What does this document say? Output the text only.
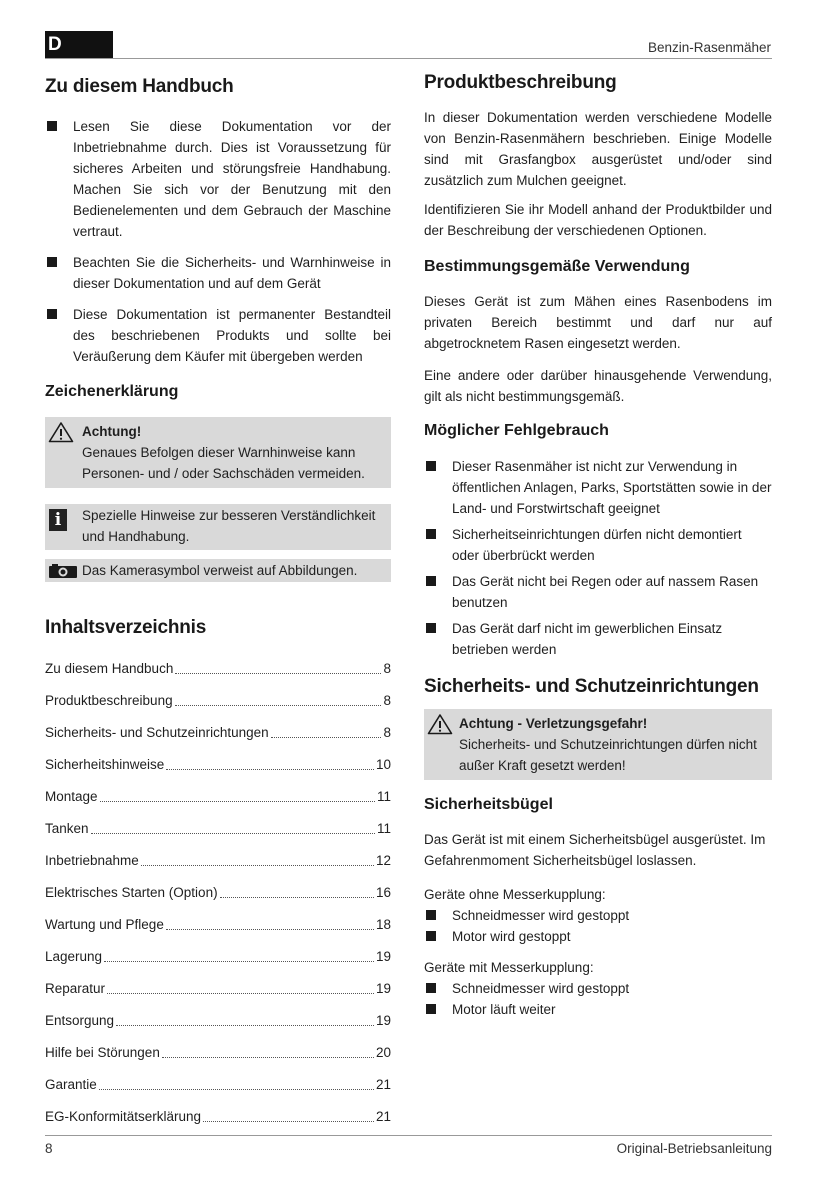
D	Benzin-Rasenmäher
Zu diesem Handbuch
Lesen Sie diese Dokumentation vor der Inbetriebnahme durch. Dies ist Voraussetzung für sicheres Arbeiten und störungsfreie Handhabung. Machen Sie sich vor der Benutzung mit den Bedienelementen und dem Gebrauch der Maschine vertraut.
Beachten Sie die Sicherheits- und Warnhinweise in dieser Dokumentation und auf dem Gerät
Diese Dokumentation ist permanenter Bestandteil des beschriebenen Produkts und sollte bei Veräußerung dem Käufer mit übergeben werden
Zeichenerklärung
Achtung!
Genaues Befolgen dieser Warnhinweise kann Personen- und / oder Sachschäden vermeiden.
i	Spezielle Hinweise zur besseren Verständlichkeit und Handhabung.
Das Kamerasymbol verweist auf Abbildungen.
Inhaltsverzeichnis
Zu diesem Handbuch	8
Produktbeschreibung	8
Sicherheits- und Schutzeinrichtungen	8
Sicherheitshinweise	10
Montage	11
Tanken	11
Inbetriebnahme	12
Elektrisches Starten (Option)	16
Wartung und Pflege	18
Lagerung	19
Reparatur	19
Entsorgung	19
Hilfe bei Störungen	20
Garantie	21
EG-Konformitätserklärung	21
Produktbeschreibung

In dieser Dokumentation werden verschiedene Modelle von Benzin-Rasenmähern beschrieben. Einige Modelle sind mit Grasfangbox ausgerüstet und/oder sind zusätzlich zum Mulchen geeignet.

Identifizieren Sie ihr Modell anhand der Produktbilder und der Beschreibung der verschiedenen Optionen.

Bestimmungsgemäße Verwendung

Dieses Gerät ist zum Mähen eines Rasenbodens im privaten Bereich bestimmt und darf nur auf abgetrocknetem Rasen eingesetzt werden.

Eine andere oder darüber hinausgehende Verwendung, gilt als nicht bestimmungsgemäß.

Möglicher Fehlgebrauch
Dieser Rasenmäher ist nicht zur Verwendung in öffentlichen Anlagen, Parks, Sportstätten sowie in der Land- und Forstwirtschaft geeignet
Sicherheitseinrichtungen dürfen nicht demontiert oder überbrückt werden
Das Gerät nicht bei Regen oder auf nassem Rasen benutzen
Das Gerät darf nicht im gewerblichen Einsatz betrieben werden
Sicherheits- und Schutzeinrichtungen
Achtung - Verletzungsgefahr!
Sicherheits- und Schutzeinrichtungen dürfen nicht außer Kraft gesetzt werden!
Sicherheitsbügel

Das Gerät ist mit einem Sicherheitsbügel ausgerüstet. Im Gefahrenmoment Sicherheitsbügel loslassen.

Geräte ohne Messerkupplung:

Schneidmesser wird gestoppt
Motor wird gestoppt

Geräte mit Messerkupplung:

Schneidmesser wird gestoppt
Motor läuft weiter
8	Original-Betriebsanleitung
